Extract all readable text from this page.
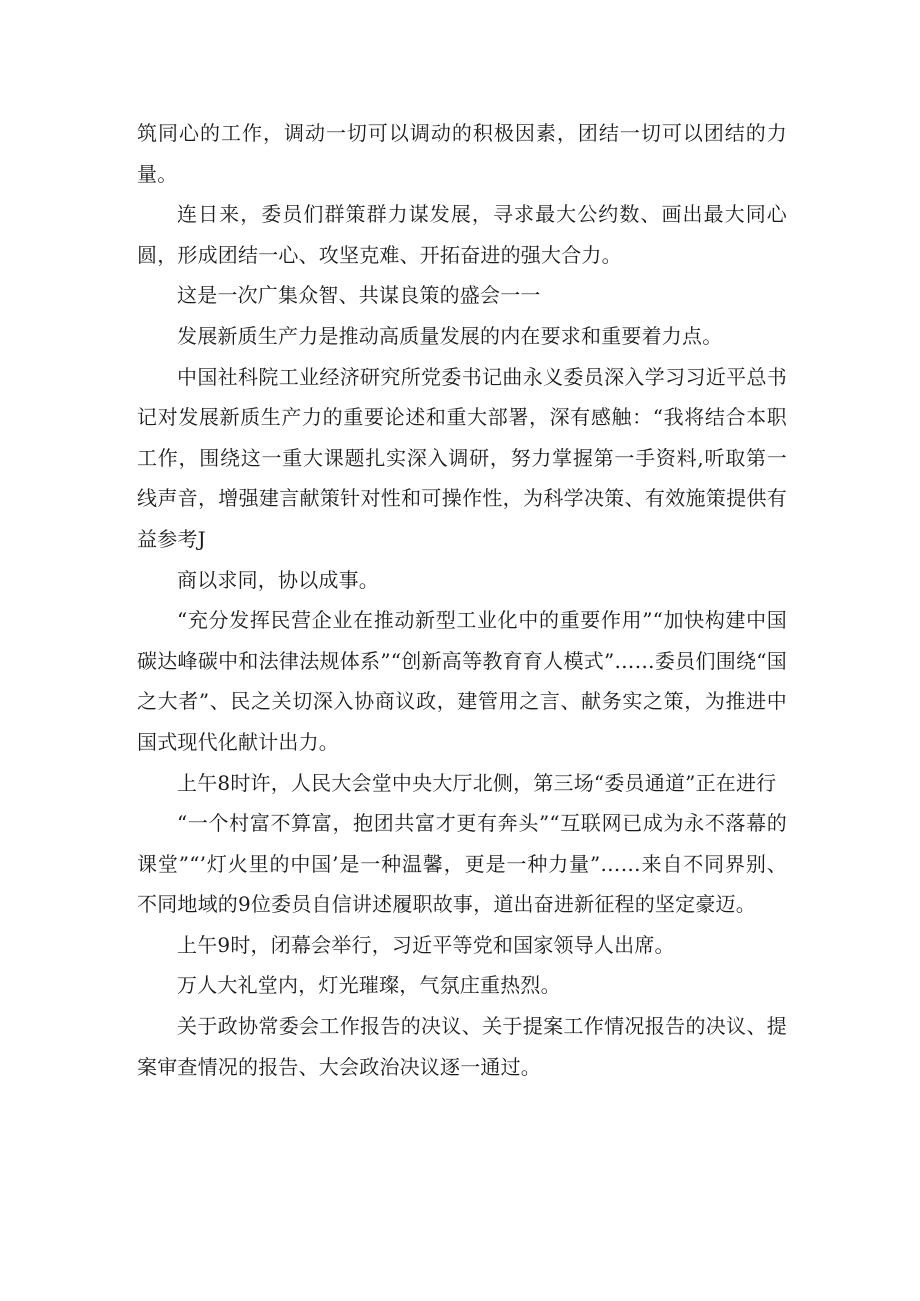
筑同心的工作，调动一切可以调动的积极因素，团结一切可以团结的力量。

连日来，委员们群策群力谋发展，寻求最大公约数、画出最大同心圆，形成团结一心、攻坚克难、开拓奋进的强大合力。

这是一次广集众智、共谋良策的盛会一一

发展新质生产力是推动高质量发展的内在要求和重要着力点。

中国社科院工业经济研究所党委书记曲永义委员深入学习习近平总书记对发展新质生产力的重要论述和重大部署，深有感触：“我将结合本职工作，围绕这一重大课题扎实深入调研，努力掌握第一手资料,听取第一线声音，增强建言献策针对性和可操作性，为科学决策、有效施策提供有益参考J

商以求同，协以成事。

“充分发挥民营企业在推动新型工业化中的重要作用”“加快构建中国碳达峰碳中和法律法规体系”“创新高等教育育人模式”……委员们围绕“国之大者”、民之关切深入协商议政，建管用之言、献务实之策，为推进中国式现代化献计出力。

上午8时许，人民大会堂中央大厅北侧，第三场“委员通道”正在进行

“一个村富不算富，抱团共富才更有奔头”“互联网已成为永不落幕的课堂”“’灯火里的中国’是一种温馨，更是一种力量”……来自不同界别、不同地域的9位委员自信讲述履职故事，道出奋进新征程的坚定豪迈。

上午9时，闭幕会举行，习近平等党和国家领导人出席。

万人大礼堂内，灯光璀璨，气氛庄重热烈。

关于政协常委会工作报告的决议、关于提案工作情况报告的决议、提案审查情况的报告、大会政治决议逐一通过。
